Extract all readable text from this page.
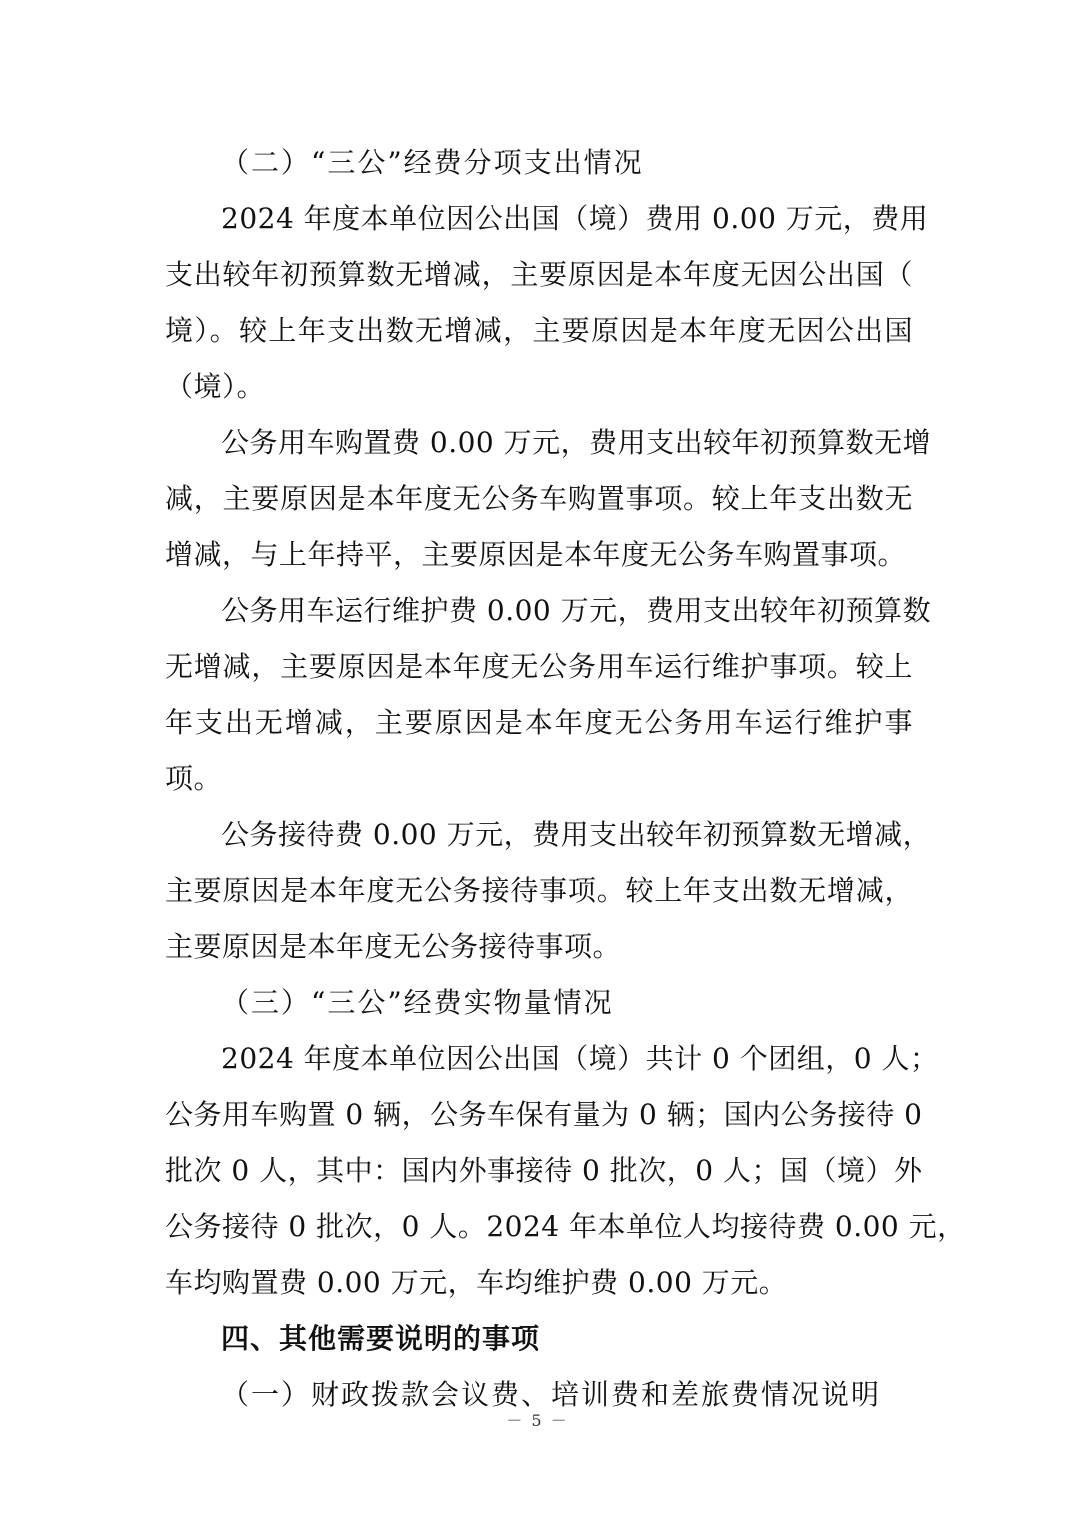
（二）“三公”经费分项支出情况
2024 年度本单位因公出国（境）费用 0.00 万元，费用
支出较年初预算数无增减，主要原因是本年度无因公出国（
境）。较上年支出数无增减，主要原因是本年度无因公出国
（境）。
公务用车购置费 0.00 万元，费用支出较年初预算数无增
减，主要原因是本年度无公务车购置事项。较上年支出数无
增减，与上年持平，主要原因是本年度无公务车购置事项。
公务用车运行维护费 0.00 万元，费用支出较年初预算数
无增减，主要原因是本年度无公务用车运行维护事项。较上
年支出无增减，主要原因是本年度无公务用车运行维护事
项。
公务接待费 0.00 万元，费用支出较年初预算数无增减，
主要原因是本年度无公务接待事项。较上年支出数无增减，
主要原因是本年度无公务接待事项。
（三）“三公”经费实物量情况
2024 年度本单位因公出国（境）共计 0 个团组，0 人；
公务用车购置 0 辆，公务车保有量为 0 辆；国内公务接待 0
批次 0 人，其中：国内外事接待 0 批次，0 人；国（境）外
公务接待 0 批次，0 人。2024 年本单位人均接待费 0.00 元，
车均购置费 0.00 万元，车均维护费 0.00 万元。
四、其他需要说明的事项
（一）财政拨款会议费、培训费和差旅费情况说明
－ 5 －
